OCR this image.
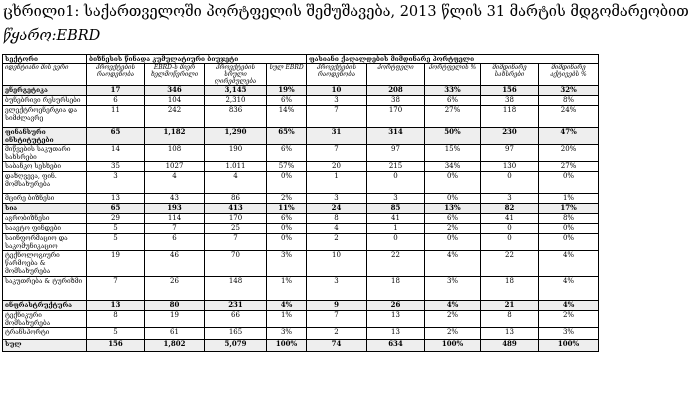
ცხრილი1: საქართველოში პორტფელის შემუშავება, 2013 წლის 31 მარტის მდგომარეობით
წყარო:EBRD
სექტორი	ბიზნესის წინადა კუმულატიური ბიუჯეტი				ფასიანი ქაღალდების მიმდინარე პორტფელი				
იდენტიანი მის ვერი	პროექტების რაოდენობა	EBRD-ს მიერ ხელმოწერილი	პროექტების სრული ღირებულება	სულ EBRD	პროექტების რაოდენობა	პორტფელი	პორტფელის %	მიმდინარე სახსრები	მიმდინარე აქტივებს %
ენერგეტიკა	17	346	3,145	19%	10	208	33%	156	32%
ბუნებრივი რესურსები	6	104	2,310	6%	3	38	6%	38	8%
ელექტროენერგია და სიმძლავრე	11	242	836	14%	7	170	27%	118	24%
ფინანსური ინსტიტუტები	65	1,182	1,290	65%	31	314	50%	230	47%
მიწვების საკუთარი სახსრები	14	108	190	6%	7	97	15%	97	20%
საბანკო სესხები	35	1027	1.011	57%	20	215	34%	130	27%
დაზღვევა, ფინ. მომსახურება	3	4	4	0%	1	0	0%	0	0%
მცირე ბიზნესი	13	43	86	2%	3	3	0%	3	1%
სია	65	193	413	11%	24	85	13%	82	17%
აგრობიზნესი	29	114	170	6%	8	41	6%	41	8%
საავტო ფინდები	5	7	25	0%	4	1	2%	0	0%
საინფორმაციო და საკომუნიკაციო	5	6	7	0%	2	0	0%	0	0%
ტექნოლოგიური წარმოება & მომსახურება	19	46	70	3%	10	22	4%	22	4%
საკუთრება & ტურიზმი	7	26	148	1%	3	18	3%	18	4%
ინფრასტრუქტურა	13	80	231	4%	9	26	4%	21	4%
ტექნიკური მომსახურება	8	19	66	1%	7	13	2%	8	2%
ტრანსპორტი	5	61	165	3%	2	13	2%	13	3%
სულ	156	1,802	5,079	100%	74	634	100%	489	100%
